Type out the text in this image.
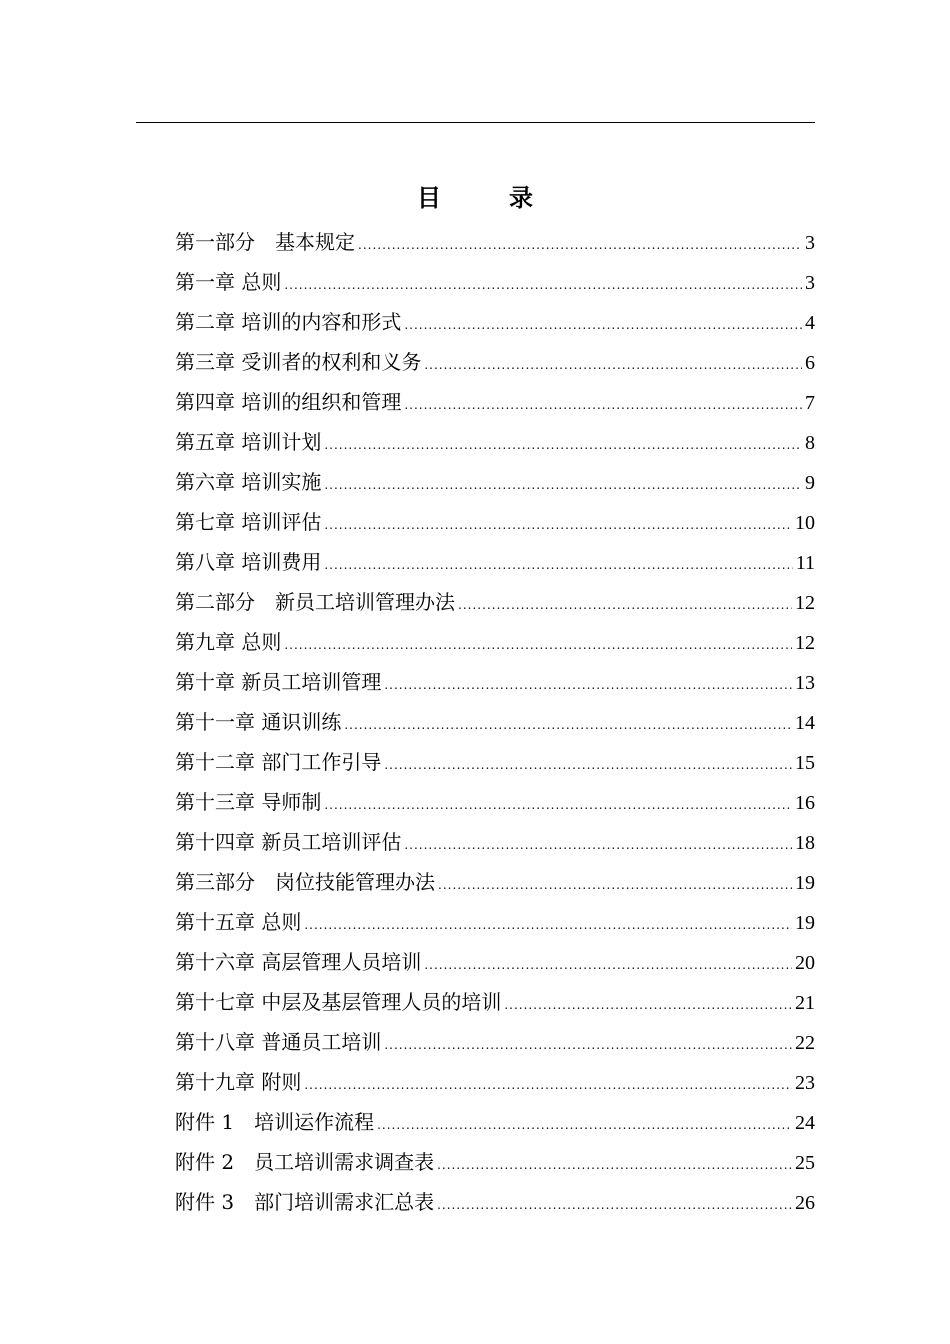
目　录
第一部分　基本规定 .....	3
第一章 总则 .....	3
第二章 培训的内容和形式 .....	4
第三章 受训者的权利和义务 .....	6
第四章 培训的组织和管理 .....	7
第五章 培训计划 .....	8
第六章 培训实施 .....	9
第七章 培训评估 .....	10
第八章 培训费用 .....	11
第二部分　新员工培训管理办法 .....	12
第九章 总则 .....	12
第十章 新员工培训管理 .....	13
第十一章 通识训练 .....	14
第十二章 部门工作引导 .....	15
第十三章 导师制 .....	16
第十四章 新员工培训评估 .....	18
第三部分　岗位技能管理办法 .....	19
第十五章 总则 .....	19
第十六章 高层管理人员培训 .....	20
第十七章 中层及基层管理人员的培训 .....	21
第十八章 普通员工培训 .....	22
第十九章 附则 .....	23
附件 1　培训运作流程 .....	24
附件 2　员工培训需求调查表 .....	25
附件 3　部门培训需求汇总表 .....	26
